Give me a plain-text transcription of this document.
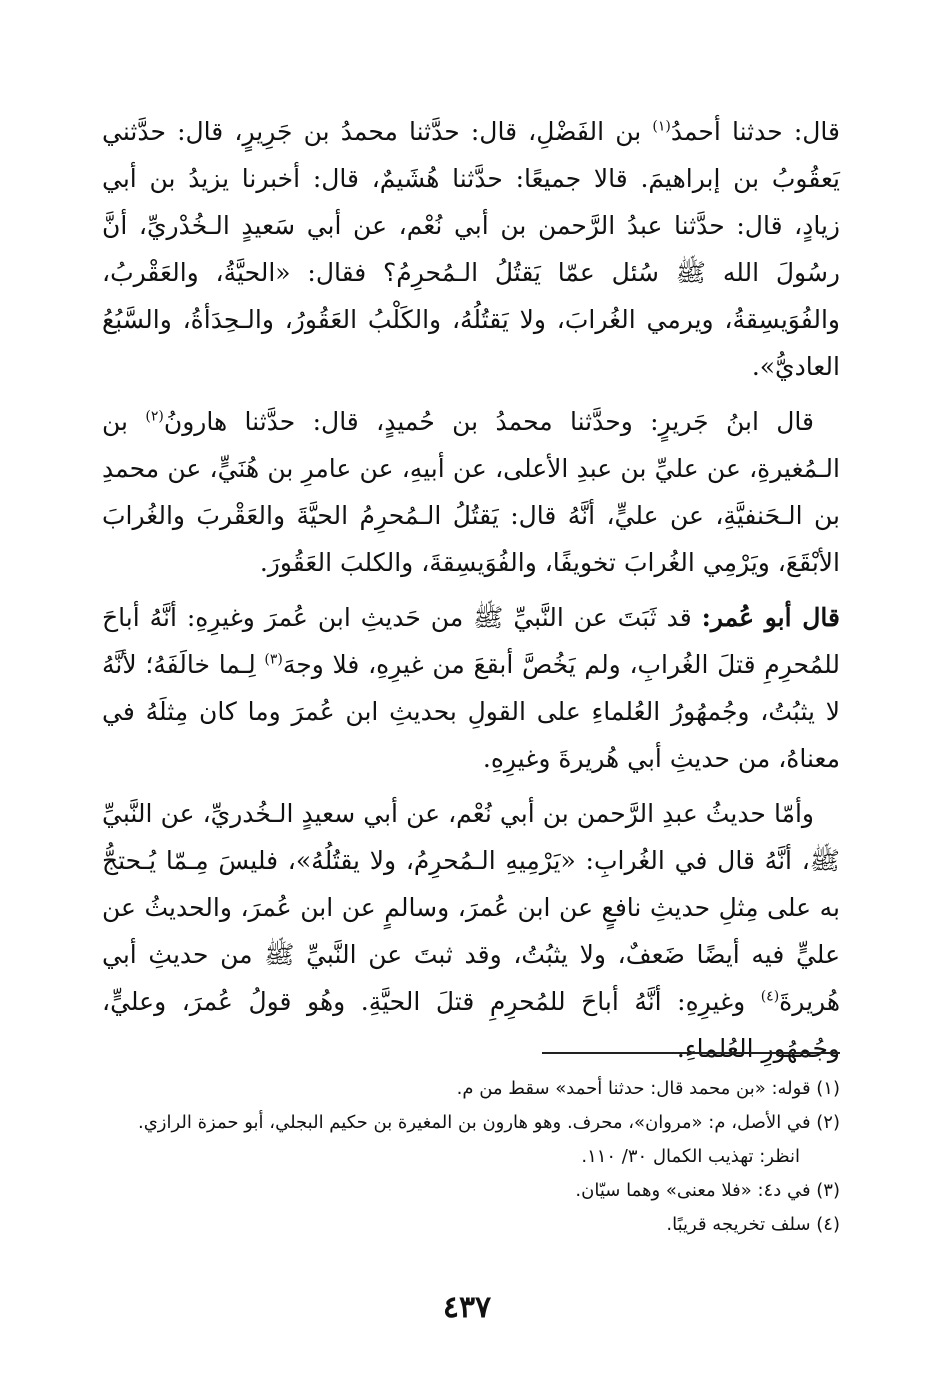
قال: حدثنا أحمدُ$^{(١)}$ بن الفَضْلِ، قال: حدَّثنا محمدُ بن جَرِيرٍ، قال: حدَّثني يَعقُوبُ بن إبراهيمَ. قالا جميعًا: حدَّثنا هُشَيمٌ، قال: أخبرنا يزيدُ بن أبي زيادٍ، قال: حدَّثنا عبدُ الرَّحمن بن أبي نُعْم، عن أبي سَعيدٍ الـخُدْريِّ، أنَّ رسُولَ الله ﷺ سُئل عمّا يَقتُلُ الـمُحرِمُ؟ فقال: «الحيَّةُ، والعَقْربُ، والفُوَيسِقةُ، ويرمي الغُرابَ، ولا يَقتُلُهُ، والكَلْبُ العَقُورُ، والـحِدَأةُ، والسَّبُعُ العاديُّ».

قال ابنُ جَريرٍ: وحدَّثنا محمدُ بن حُميدٍ، قال: حدَّثنا هارونُ$^{(٢)}$ بن الـمُغيرةِ، عن عليِّ بن عبدِ الأعلى، عن أبيهِ، عن عامرِ بن هُنَيٍّ، عن محمدِ بن الـحَنفيَّةِ، عن عليٍّ، أنَّهُ قال: يَقتُلُ الـمُحرِمُ الحيَّةَ والعَقْربَ والغُرابَ الأبْقَعَ، ويَرْمِي الغُرابَ تخويفًا، والفُوَيسِقةَ، والكلبَ العَقُورَ.

قال أبو عُمر: قد ثَبَتَ عن النَّبيِّ ﷺ من حَديثِ ابن عُمرَ وغيرِهِ: أنَّهُ أباحَ للمُحرِمِ قتلَ الغُرابِ، ولم يَخُصَّ أبقعَ من غيرِهِ، فلا وجهَ$^{(٣)}$ لِـما خالَفَهُ؛ لأنَّهُ لا يثبُتُ، وجُمهُورُ العُلماءِ على القولِ بحديثِ ابن عُمرَ وما كان مِثلَهُ في معناهُ، من حديثِ أبي هُريرةَ وغيرِهِ.

وأمّا حديثُ عبدِ الرَّحمن بن أبي نُعْم، عن أبي سعيدٍ الـخُدريِّ، عن النَّبيِّ ﷺ، أنَّهُ قال في الغُرابِ: «يَرْمِيهِ الـمُحرِمُ، ولا يقتُلُهُ»، فليسَ مِـمّا يُـحتجُّ به على مِثلِ حديثِ نافعٍ عن ابن عُمرَ، وسالمٍ عن ابن عُمرَ، والحديثُ عن عليٍّ فيه أيضًا ضَعفٌ، ولا يثبُتُ، وقد ثبتَ عن النَّبيِّ ﷺ من حديثِ أبي هُريرةَ$^{(٤)}$ وغيرِهِ: أنَّهُ أباحَ للمُحرِمِ قتلَ الحيَّةِ. وهُو قولُ عُمرَ، وعليٍّ، وجُمهُورِ العُلماءِ.

(١) قوله: «بن محمد قال: حدثنا أحمد» سقط من م.
(٢) في الأصل، م: «مروان»، محرف. وهو هارون بن المغيرة بن حكيم البجلي، أبو حمزة الرازي.
انظر: تهذيب الكمال ٣٠/ ١١٠.
(٣) في د٤: «فلا معنى» وهما سيّان.
(٤) سلف تخريجه قريبًا.
٤٣٧
